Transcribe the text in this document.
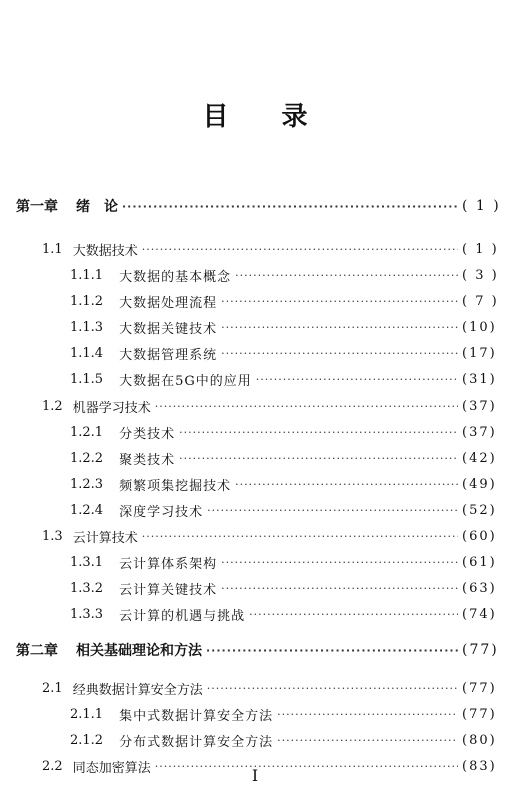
目 录
第一章 绪　论 ·····	( 1 )
1.1 大数据技术 ·····	( 1 )
1.1.1 大数据的基本概念 ·····	( 3 )
1.1.2 大数据处理流程 ·····	( 7 )
1.1.3 大数据关键技术 ·····	(10)
1.1.4 大数据管理系统 ·····	(17)
1.1.5 大数据在5G中的应用 ·····	(31)
1.2 机器学习技术 ·····	(37)
1.2.1 分类技术 ·····	(37)
1.2.2 聚类技术 ·····	(42)
1.2.3 频繁项集挖掘技术 ·····	(49)
1.2.4 深度学习技术 ·····	(52)
1.3 云计算技术 ·····	(60)
1.3.1 云计算体系架构 ·····	(61)
1.3.2 云计算关键技术 ·····	(63)
1.3.3 云计算的机遇与挑战 ·····	(74)
第二章 相关基础理论和方法 ·····	(77)
2.1 经典数据计算安全方法 ·····	(77)
2.1.1 集中式数据计算安全方法 ·····	(77)
2.1.2 分布式数据计算安全方法 ·····	(80)
2.2 同态加密算法 ·····	(83)
I
